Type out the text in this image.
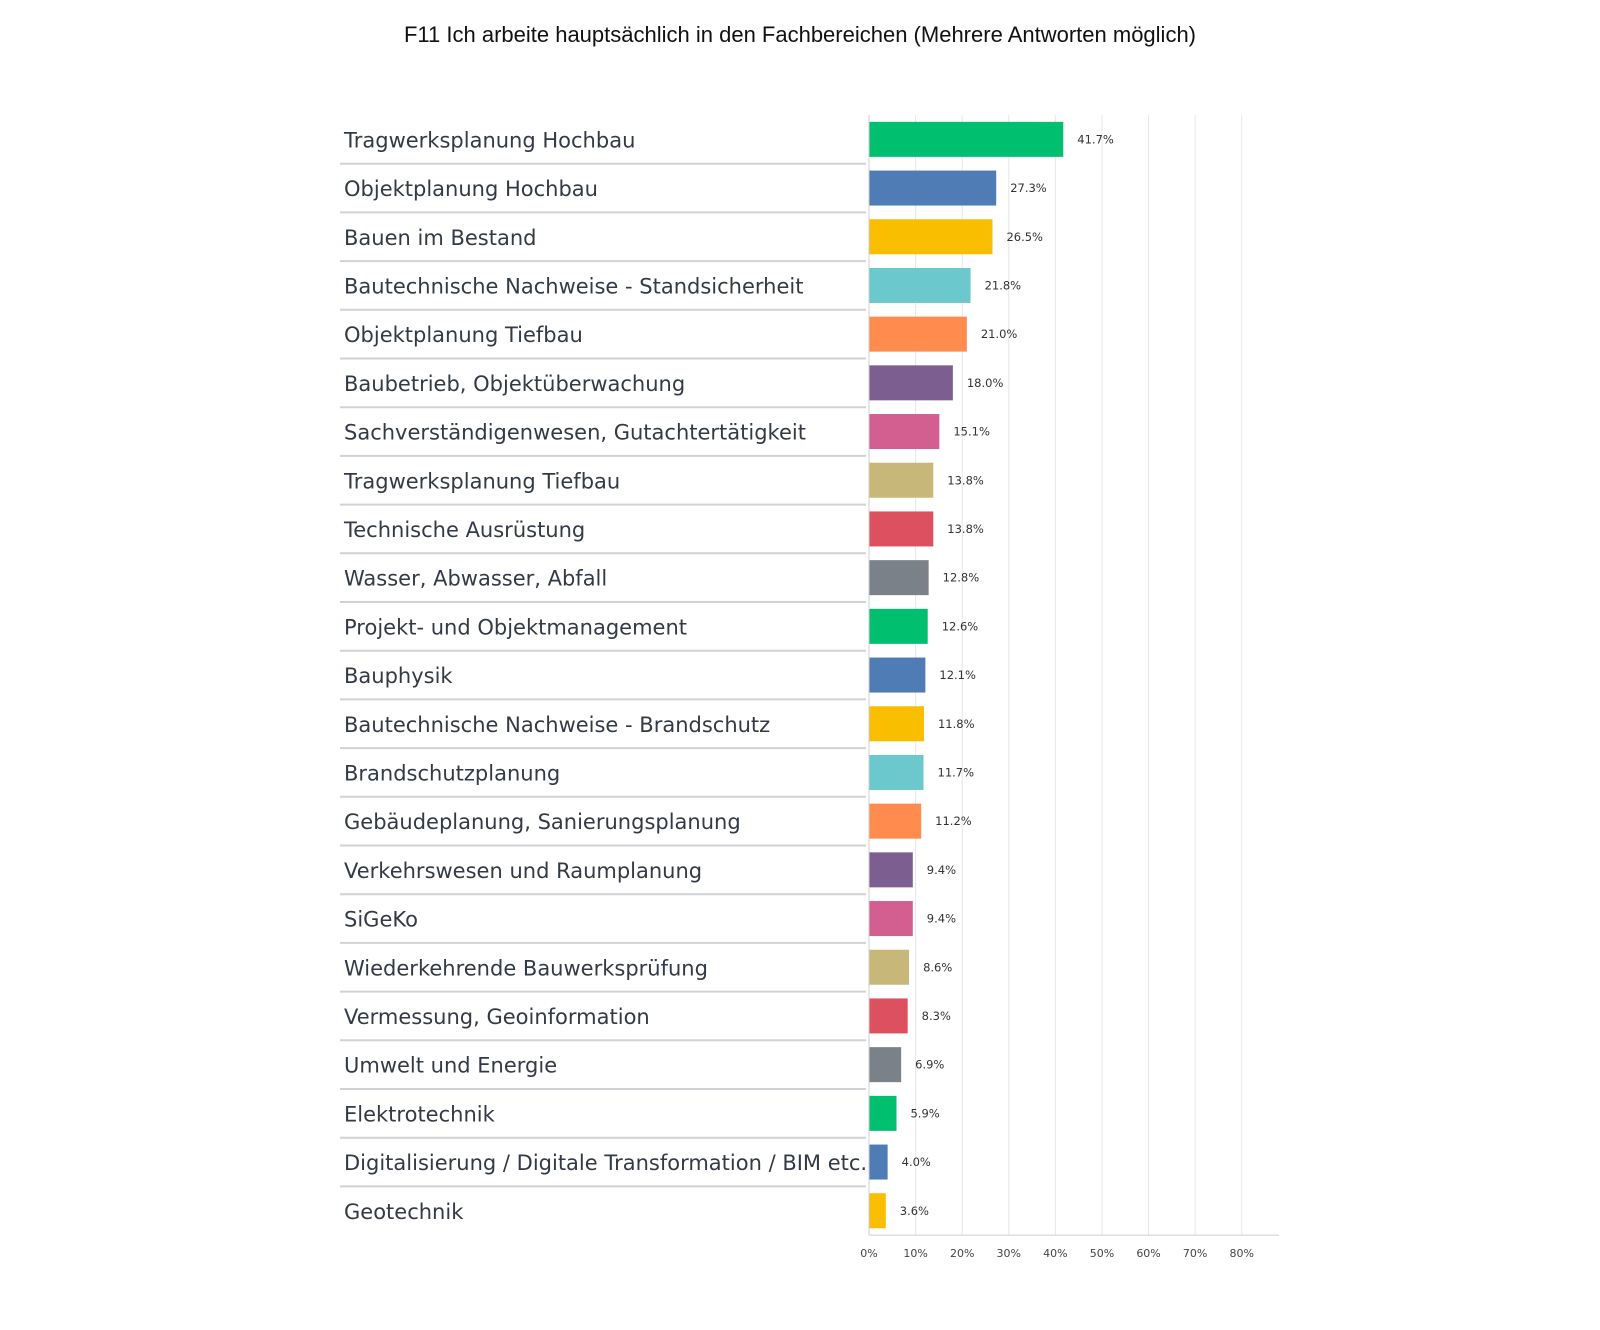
F11 Ich arbeite hauptsächlich in den Fachbereichen (Mehrere Antworten möglich)
Tragwerksplanung Hochbau
Objektplanung Hochbau
Bauen im Bestand
Bautechnische Nachweise - Standsicherheit
Objektplanung Tiefbau
Baubetrieb, Objektüberwachung
Sachverständigenwesen, Gutachtertätigkeit
Tragwerksplanung Tiefbau
Technische Ausrüstung
Wasser, Abwasser, Abfall
Projekt- und Objektmanagement
Bauphysik
Bautechnische Nachweise - Brandschutz
Brandschutzplanung
Gebäudeplanung, Sanierungsplanung
Verkehrswesen und Raumplanung
SiGeKo
Wiederkehrende Bauwerksprüfung
Vermessung, Geoinformation
Umwelt und Energie
Elektrotechnik
Digitalisierung / Digitale Transformation / BIM etc.
Geotechnik
41.7%
27.3%
26.5%
21.8%
21.0%
18.0%
15.1%
13.8%
13.8%
12.8%
12.6%
12.1%
11.8%
11.7%
11.2%
9.4%
9.4%
8.6%
8.3%
6.9%
5.9%
4.0%
3.6%
0% 10% 20% 30% 40% 50% 60% 70% 80%
